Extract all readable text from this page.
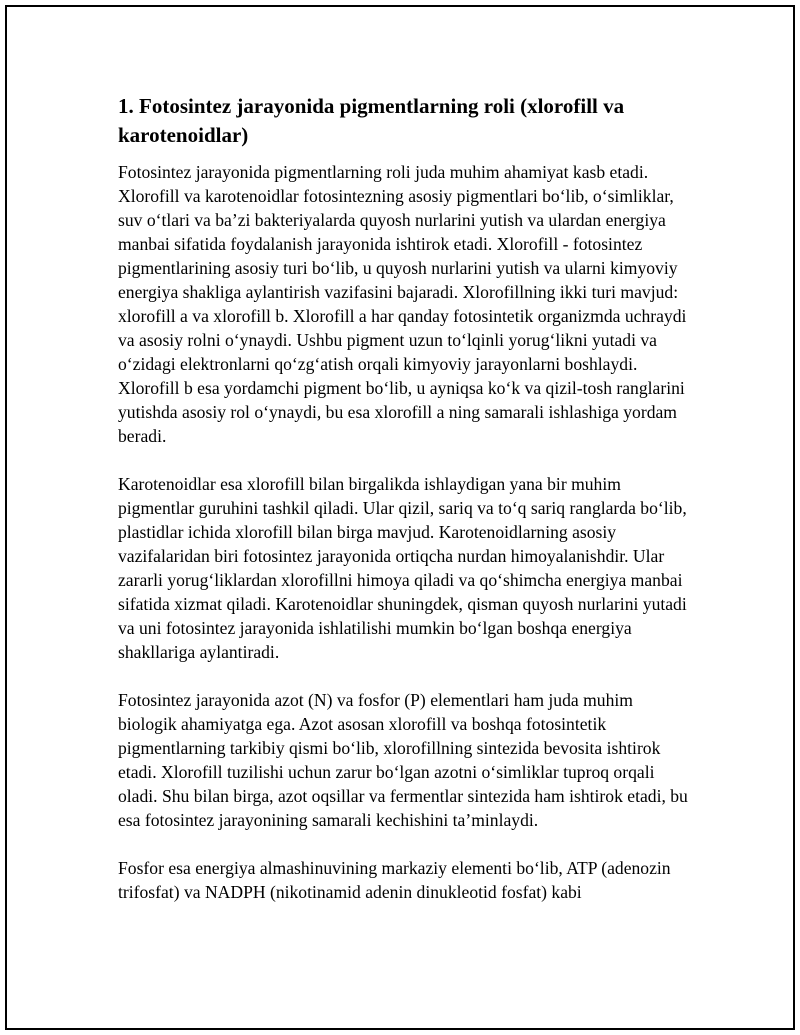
1. Fotosintez jarayonida pigmentlarning roli (xlorofill va karotenoidlar)

Fotosintez jarayonida pigmentlarning roli juda muhim ahamiyat kasb etadi. Xlorofill va karotenoidlar fotosintezning asosiy pigmentlari bo‘lib, o‘simliklar, suv o‘tlari va ba’zi bakteriyalarda quyosh nurlarini yutish va ulardan energiya manbai sifatida foydalanish jarayonida ishtirok etadi. Xlorofill - fotosintez pigmentlarining asosiy turi bo‘lib, u quyosh nurlarini yutish va ularni kimyoviy energiya shakliga aylantirish vazifasini bajaradi. Xlorofillning ikki turi mavjud: xlorofill a va xlorofill b. Xlorofill a har qanday fotosintetik organizmda uchraydi va asosiy rolni o‘ynaydi. Ushbu pigment uzun to‘lqinli yorug‘likni yutadi va o‘zidagi elektronlarni qo‘zg‘atish orqali kimyoviy jarayonlarni boshlaydi. Xlorofill b esa yordamchi pigment bo‘lib, u ayniqsa ko‘k va qizil-tosh ranglarini yutishda asosiy rol o‘ynaydi, bu esa xlorofill a ning samarali ishlashiga yordam beradi.

Karotenoidlar esa xlorofill bilan birgalikda ishlaydigan yana bir muhim pigmentlar guruhini tashkil qiladi. Ular qizil, sariq va to‘q sariq ranglarda bo‘lib, plastidlar ichida xlorofill bilan birga mavjud. Karotenoidlarning asosiy vazifalaridan biri fotosintez jarayonida ortiqcha nurdan himoyalanishdir. Ular zararli yorug‘liklardan xlorofillni himoya qiladi va qo‘shimcha energiya manbai sifatida xizmat qiladi. Karotenoidlar shuningdek, qisman quyosh nurlarini yutadi va uni fotosintez jarayonida ishlatilishi mumkin bo‘lgan boshqa energiya shakllariga aylantiradi.

Fotosintez jarayonida azot (N) va fosfor (P) elementlari ham juda muhim biologik ahamiyatga ega. Azot asosan xlorofill va boshqa fotosintetik pigmentlarning tarkibiy qismi bo‘lib, xlorofillning sintezida bevosita ishtirok etadi. Xlorofill tuzilishi uchun zarur bo‘lgan azotni o‘simliklar tuproq orqali oladi. Shu bilan birga, azot oqsillar va fermentlar sintezida ham ishtirok etadi, bu esa fotosintez jarayonining samarali kechishini ta’minlaydi.

Fosfor esa energiya almashinuvining markaziy elementi bo‘lib, ATP (adenozin trifosfat) va NADPH (nikotinamid adenin dinukleotid fosfat) kabi
